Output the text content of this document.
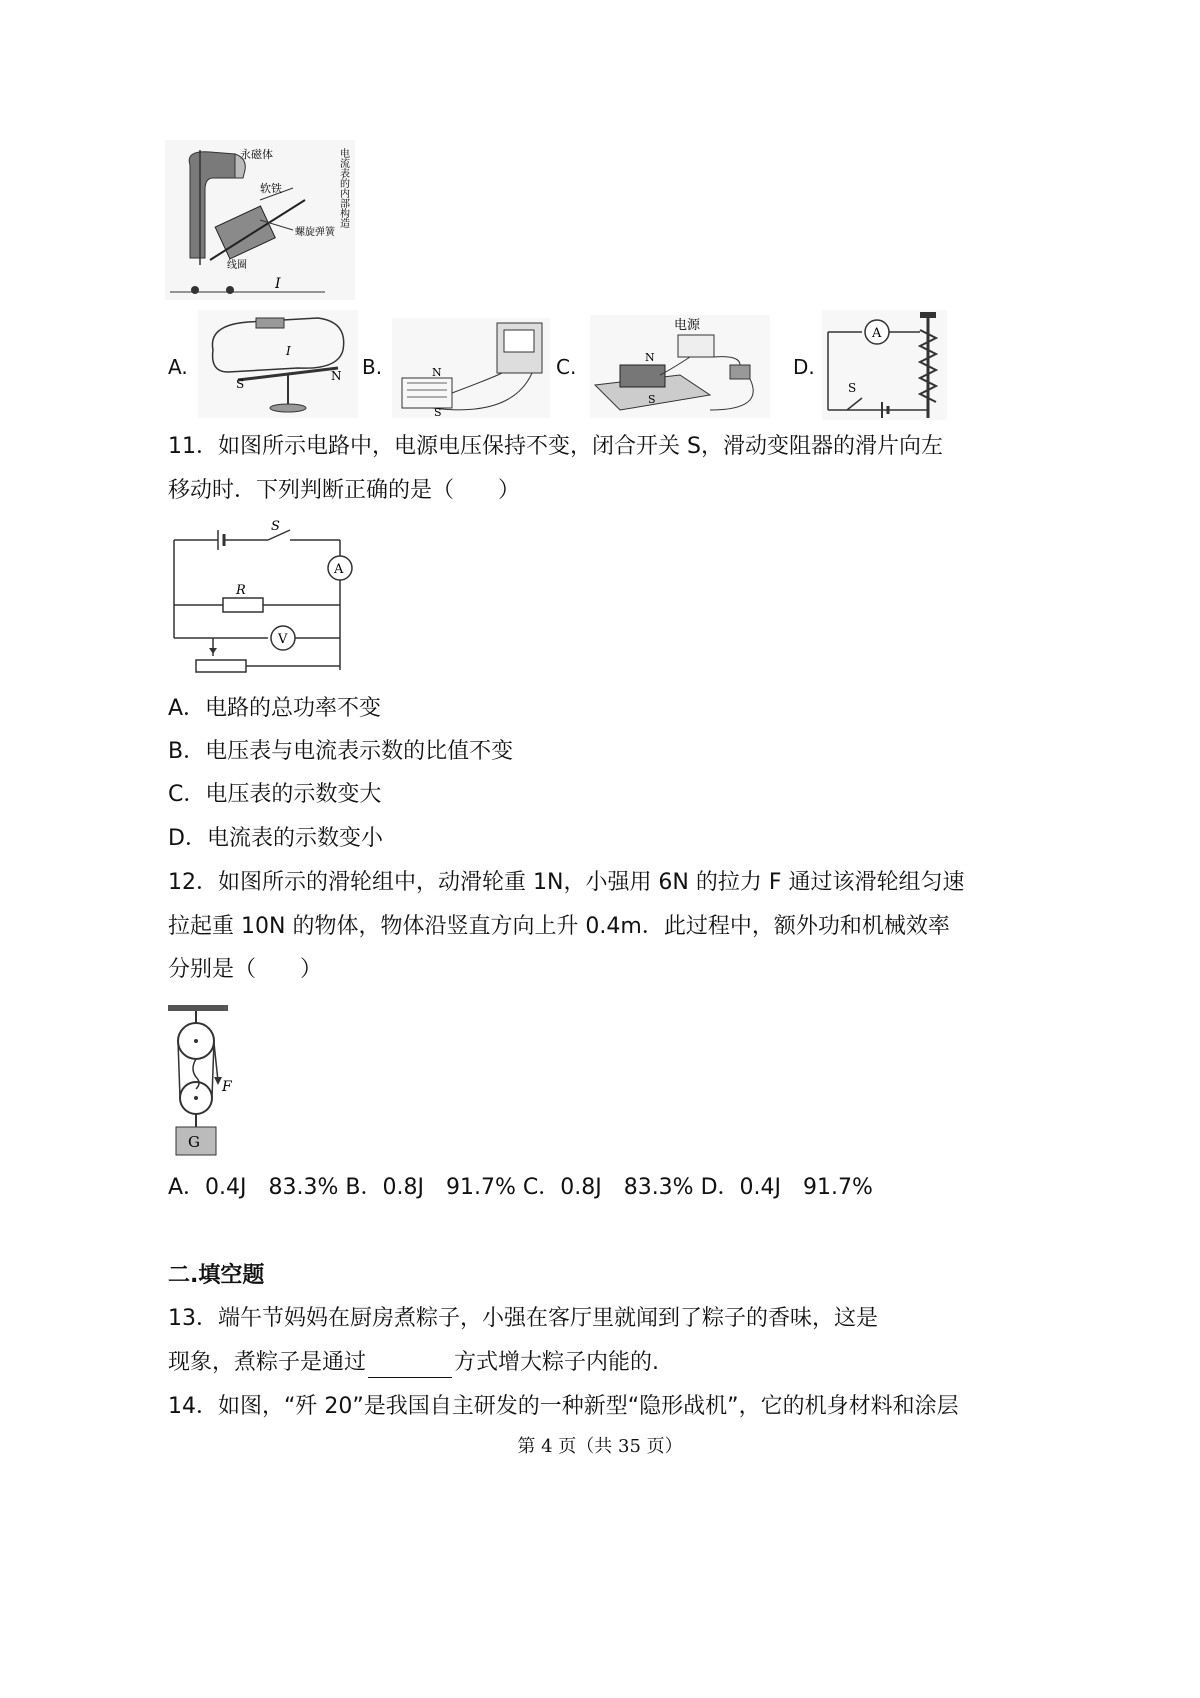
永磁体
软铁
螺旋弹簧
线圈
I
电流表的内部构造
A.
S
N
I
B.	N
S
C.
电源
N
S
D.
A
S
11．如图所示电路中，电源电压保持不变，闭合开关 S，滑动变阻器的滑片向左
移动时．下列判断正确的是（　　）
S
A
R
V
A．电路的总功率不变
B．电压表与电流表示数的比值不变
C．电压表的示数变大
D．电流表的示数变小
12．如图所示的滑轮组中，动滑轮重 1N，小强用 6N 的拉力 F 通过该滑轮组匀速
拉起重 10N 的物体，物体沿竖直方向上升 0.4m．此过程中，额外功和机械效率
分别是（　　）
F
G
A．0.4J　83.3% B．0.8J　91.7% C．0.8J　83.3% D．0.4J　91.7%
二.填空题
13．端午节妈妈在厨房煮粽子，小强在客厅里就闻到了粽子的香味，这是
现象，煮粽子是通过	方式增大粽子内能的.
14．如图，“歼 20”是我国自主研发的一种新型“隐形战机”，它的机身材料和涂层
第 4 页（共 35 页）
